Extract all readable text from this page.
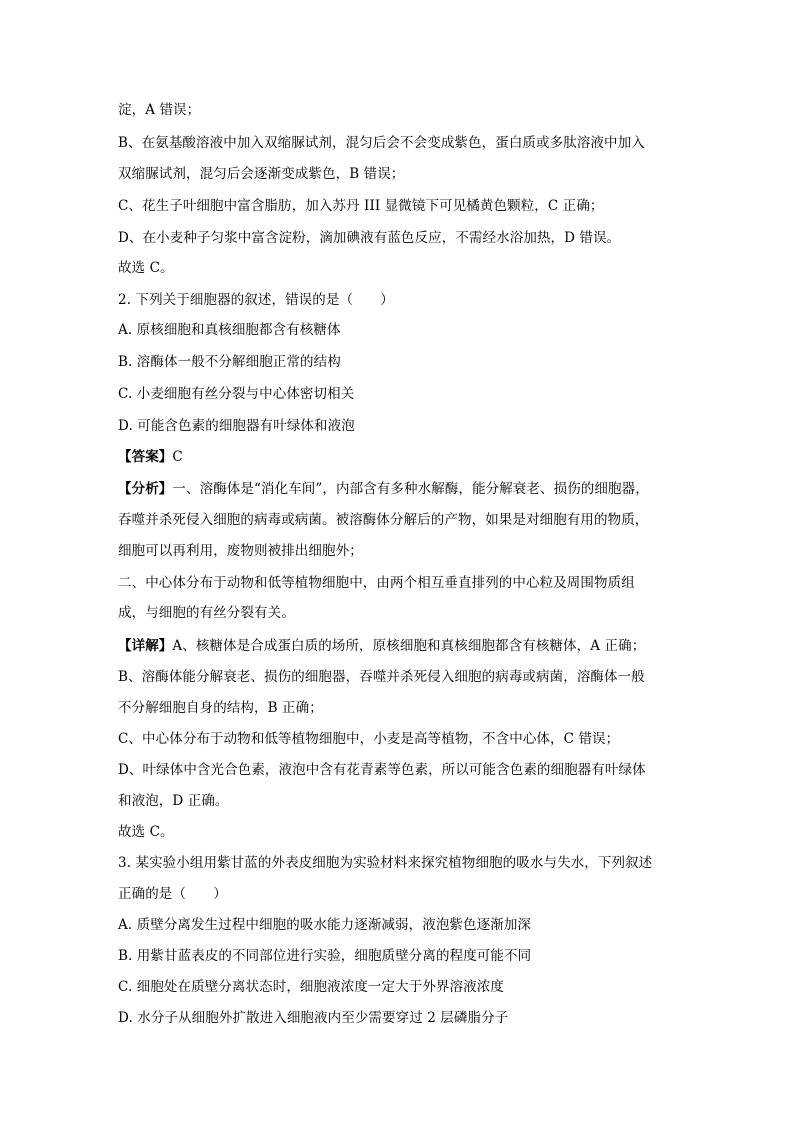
淀，A 错误；
B、在氨基酸溶液中加入双缩脲试剂，混匀后会不会变成紫色，蛋白质或多肽溶液中加入
双缩脲试剂，混匀后会逐渐变成紫色，B 错误；
C、花生子叶细胞中富含脂肪，加入苏丹 III 显微镜下可见橘黄色颗粒，C 正确；
D、在小麦种子匀浆中富含淀粉，滴加碘液有蓝色反应，不需经水浴加热，D 错误。
故选 C。
2. 下列关于细胞器的叙述，错误的是（　　）
A. 原核细胞和真核细胞都含有核糖体
B. 溶酶体一般不分解细胞正常的结构
C. 小麦细胞有丝分裂与中心体密切相关
D. 可能含色素的细胞器有叶绿体和液泡
【答案】C
【分析】一、溶酶体是“消化车间”，内部含有多种水解酶，能分解衰老、损伤的细胞器，
吞噬并杀死侵入细胞的病毒或病菌。被溶酶体分解后的产物，如果是对细胞有用的物质，
细胞可以再利用，废物则被排出细胞外；
二、中心体分布于动物和低等植物细胞中，由两个相互垂直排列的中心粒及周围物质组
成，与细胞的有丝分裂有关。
【详解】A、核糖体是合成蛋白质的场所，原核细胞和真核细胞都含有核糖体，A 正确；
B、溶酶体能分解衰老、损伤的细胞器，吞噬并杀死侵入细胞的病毒或病菌，溶酶体一般
不分解细胞自身的结构，B 正确；
C、中心体分布于动物和低等植物细胞中，小麦是高等植物，不含中心体，C 错误；
D、叶绿体中含光合色素，液泡中含有花青素等色素，所以可能含色素的细胞器有叶绿体
和液泡，D 正确。
故选 C。
3. 某实验小组用紫甘蓝的外表皮细胞为实验材料来探究植物细胞的吸水与失水，下列叙述
正确的是（　　）
A. 质壁分离发生过程中细胞的吸水能力逐渐减弱，液泡紫色逐渐加深
B. 用紫甘蓝表皮的不同部位进行实验，细胞质壁分离的程度可能不同
C. 细胞处在质壁分离状态时，细胞液浓度一定大于外界溶液浓度
D. 水分子从细胞外扩散进入细胞液内至少需要穿过 2 层磷脂分子
